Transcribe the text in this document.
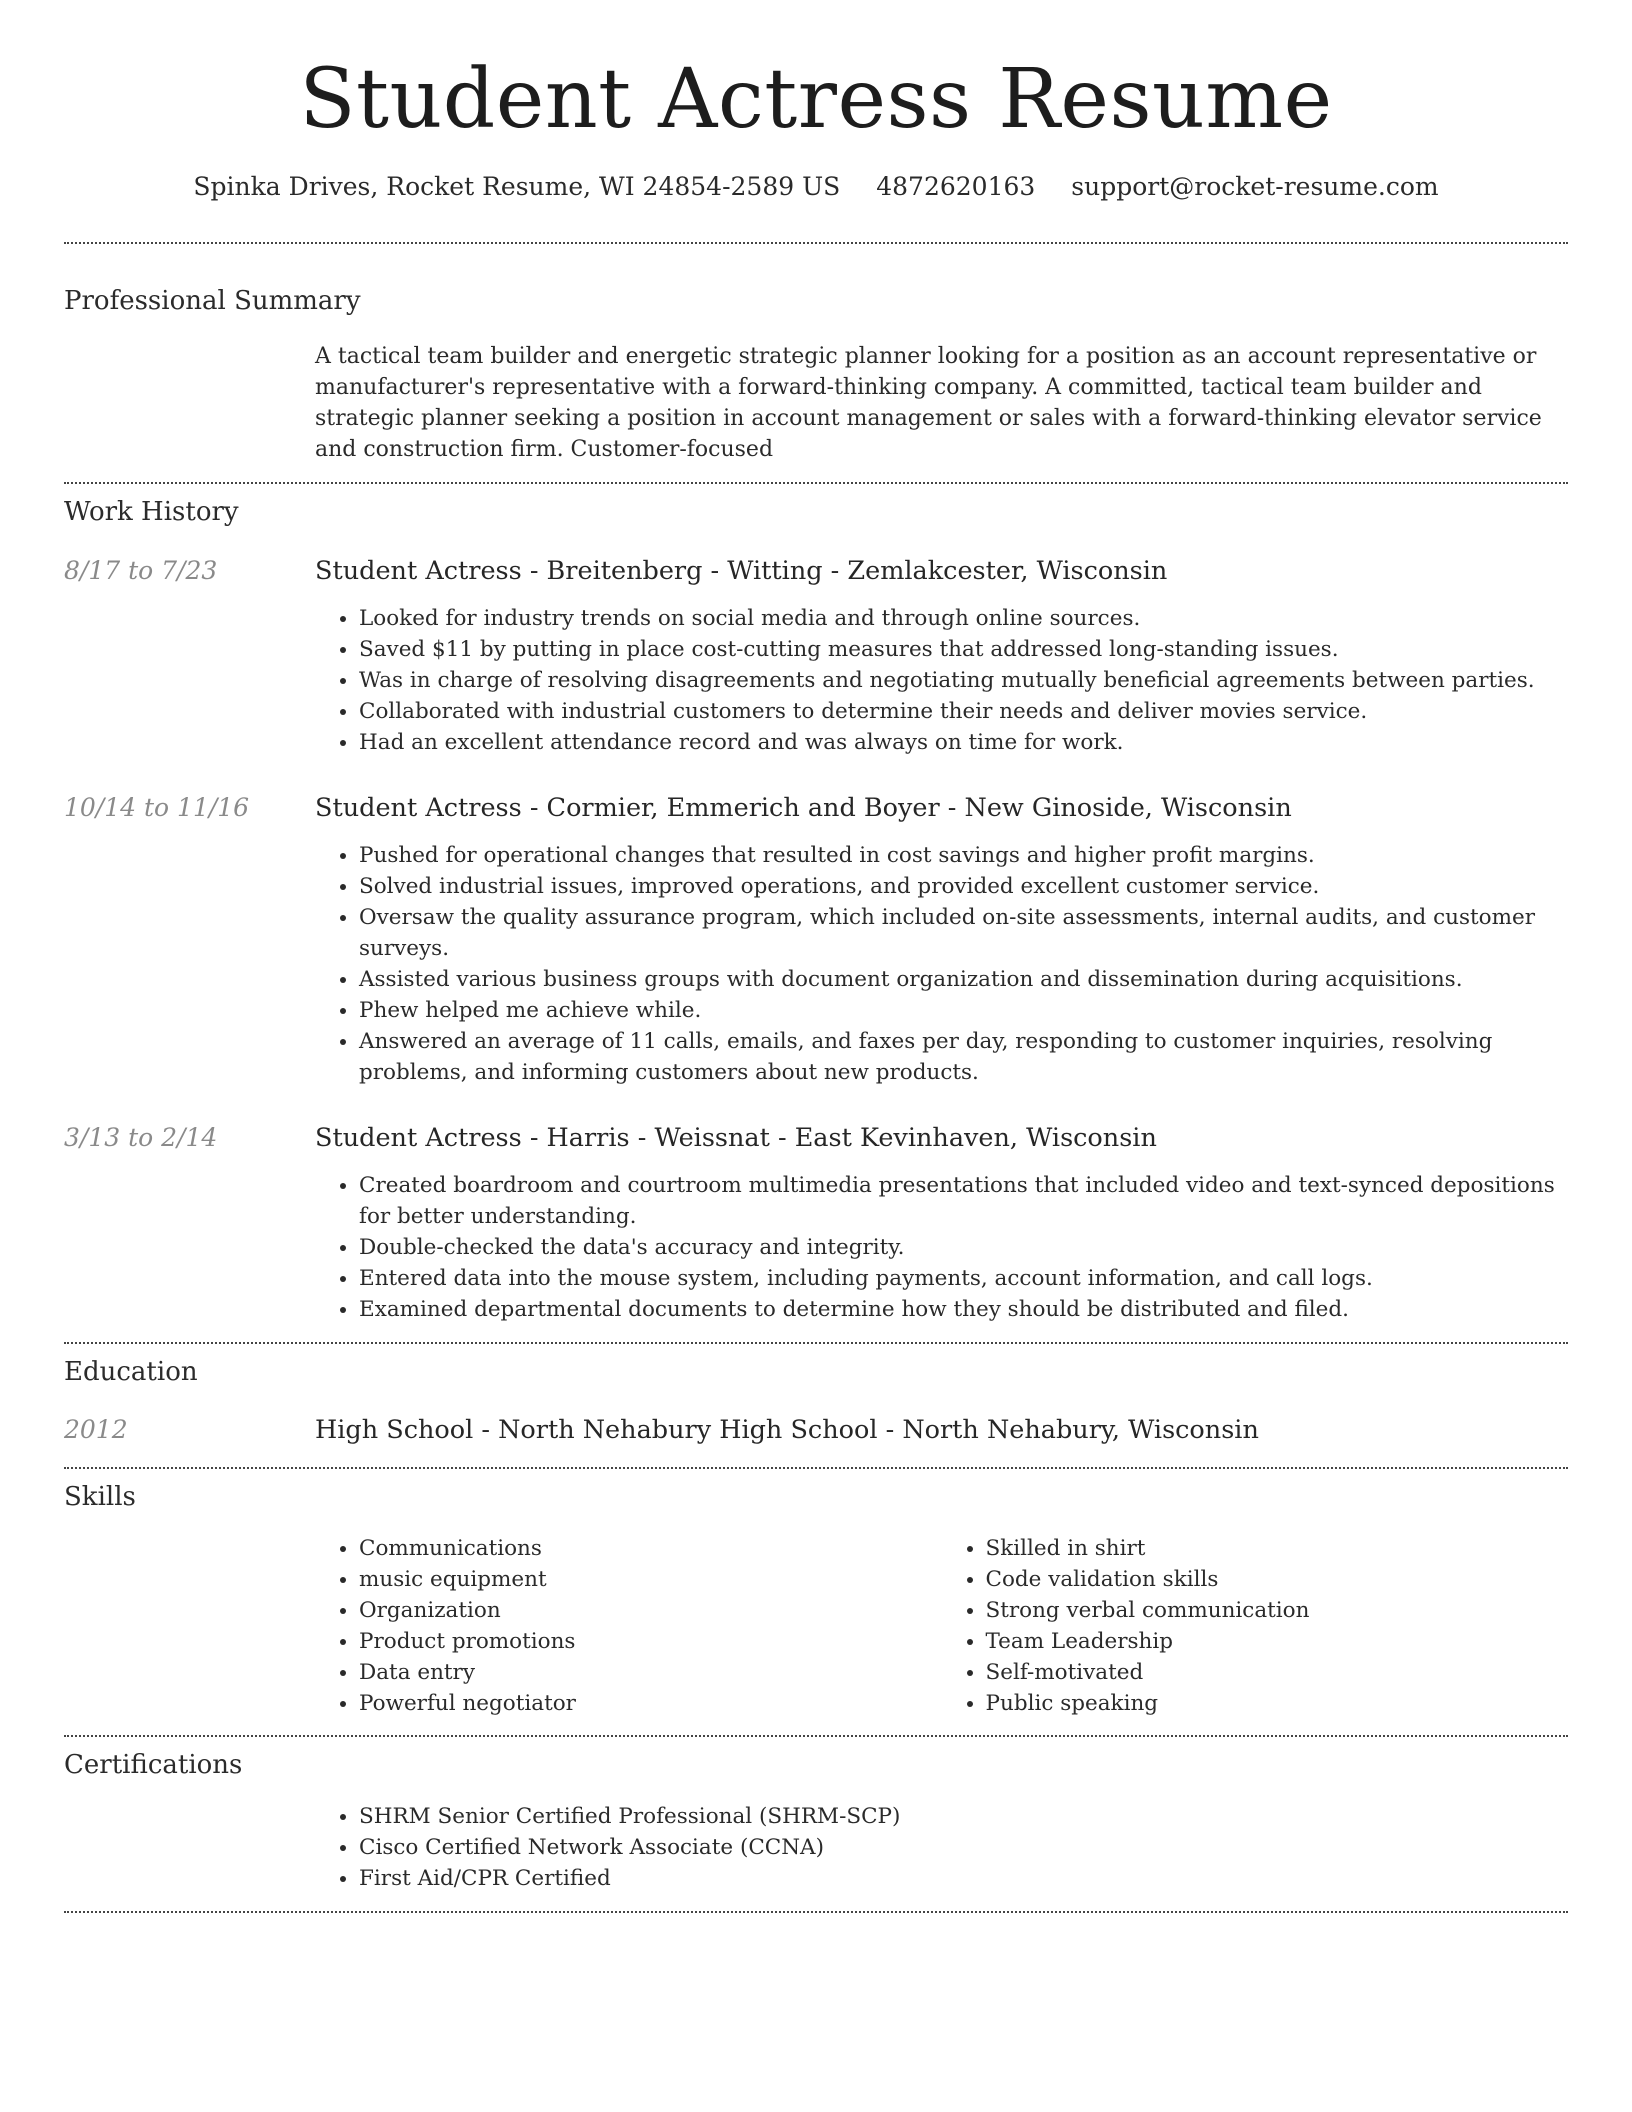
Student Actress Resume
Spinka Drives, Rocket Resume, WI 24854-2589 US 4872620163 support@rocket-resume.com
Professional Summary
A tactical team builder and energetic strategic planner looking for a position as an account representative or manufacturer's representative with a forward-thinking company. A committed, tactical team builder and strategic planner seeking a position in account management or sales with a forward-thinking elevator service and construction firm. Customer-focused
Work History
8/17 to 7/23	Student Actress - Breitenberg - Witting - Zemlakcester, Wisconsin
• Looked for industry trends on social media and through online sources.
• Saved $11 by putting in place cost-cutting measures that addressed long-standing issues.
• Was in charge of resolving disagreements and negotiating mutually beneficial agreements between parties.
• Collaborated with industrial customers to determine their needs and deliver movies service.
• Had an excellent attendance record and was always on time for work.
10/14 to 11/16	Student Actress - Cormier, Emmerich and Boyer - New Ginoside, Wisconsin
• Pushed for operational changes that resulted in cost savings and higher profit margins.
• Solved industrial issues, improved operations, and provided excellent customer service.
• Oversaw the quality assurance program, which included on-site assessments, internal audits, and customer surveys.
• Assisted various business groups with document organization and dissemination during acquisitions.
• Phew helped me achieve while.
• Answered an average of 11 calls, emails, and faxes per day, responding to customer inquiries, resolving problems, and informing customers about new products.
3/13 to 2/14	Student Actress - Harris - Weissnat - East Kevinhaven, Wisconsin
• Created boardroom and courtroom multimedia presentations that included video and text-synced depositions for better understanding.
• Double-checked the data's accuracy and integrity.
• Entered data into the mouse system, including payments, account information, and call logs.
• Examined departmental documents to determine how they should be distributed and filed.
Education
2012	High School - North Nehabury High School - North Nehabury, Wisconsin
Skills
• Communications
• music equipment
• Organization
• Product promotions
• Data entry
• Powerful negotiator
• Skilled in shirt
• Code validation skills
• Strong verbal communication
• Team Leadership
• Self-motivated
• Public speaking
Certifications
• SHRM Senior Certified Professional (SHRM-SCP)
• Cisco Certified Network Associate (CCNA)
• First Aid/CPR Certified
